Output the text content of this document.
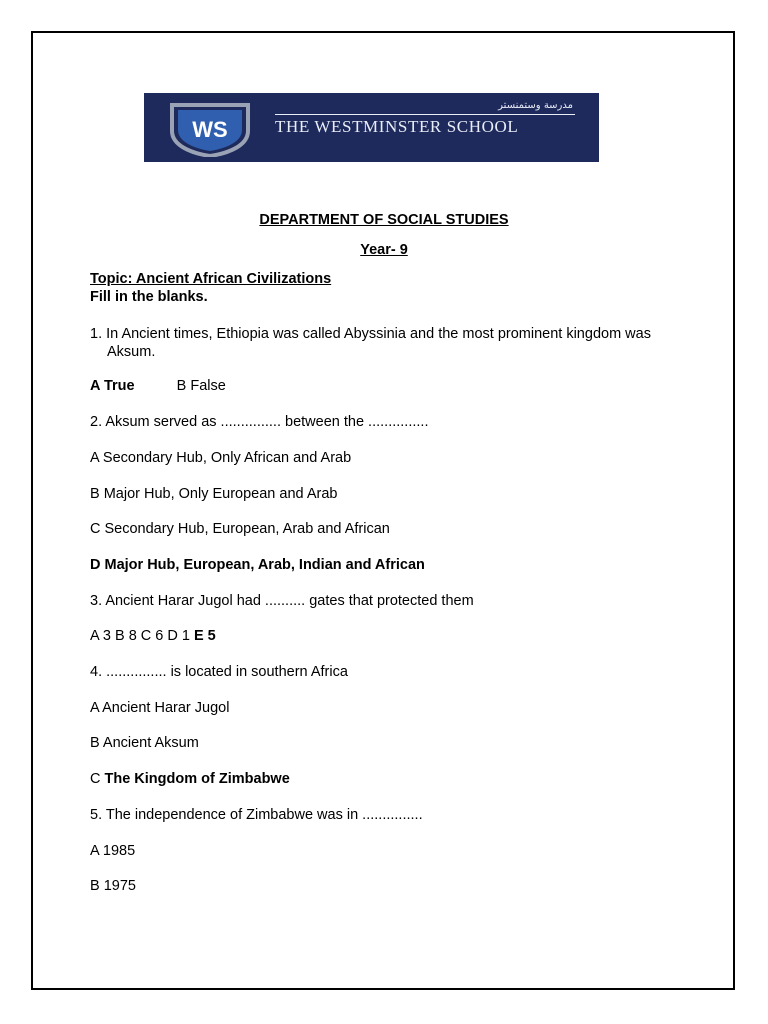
WS
مدرسة وستمنستر
THE WESTMINSTER SCHOOL
DEPARTMENT OF SOCIAL STUDIES
Year- 9
Topic: Ancient African Civilizations
Fill in the blanks.
1. In Ancient times, Ethiopia was called Abyssinia and the most prominent kingdom was
Aksum.
A True	B False
2. Aksum served as ............... between the ...............
A Secondary Hub, Only African and Arab
B Major Hub, Only European and Arab
C Secondary Hub, European, Arab and African
D Major Hub, European, Arab, Indian and African
3. Ancient Harar Jugol had .......... gates that protected them
A 3 B 8 C 6 D 1 E 5
4. ............... is located in southern Africa
A Ancient Harar Jugol
B Ancient Aksum
C The Kingdom of Zimbabwe
5. The independence of Zimbabwe was in ...............
A 1985
B 1975
